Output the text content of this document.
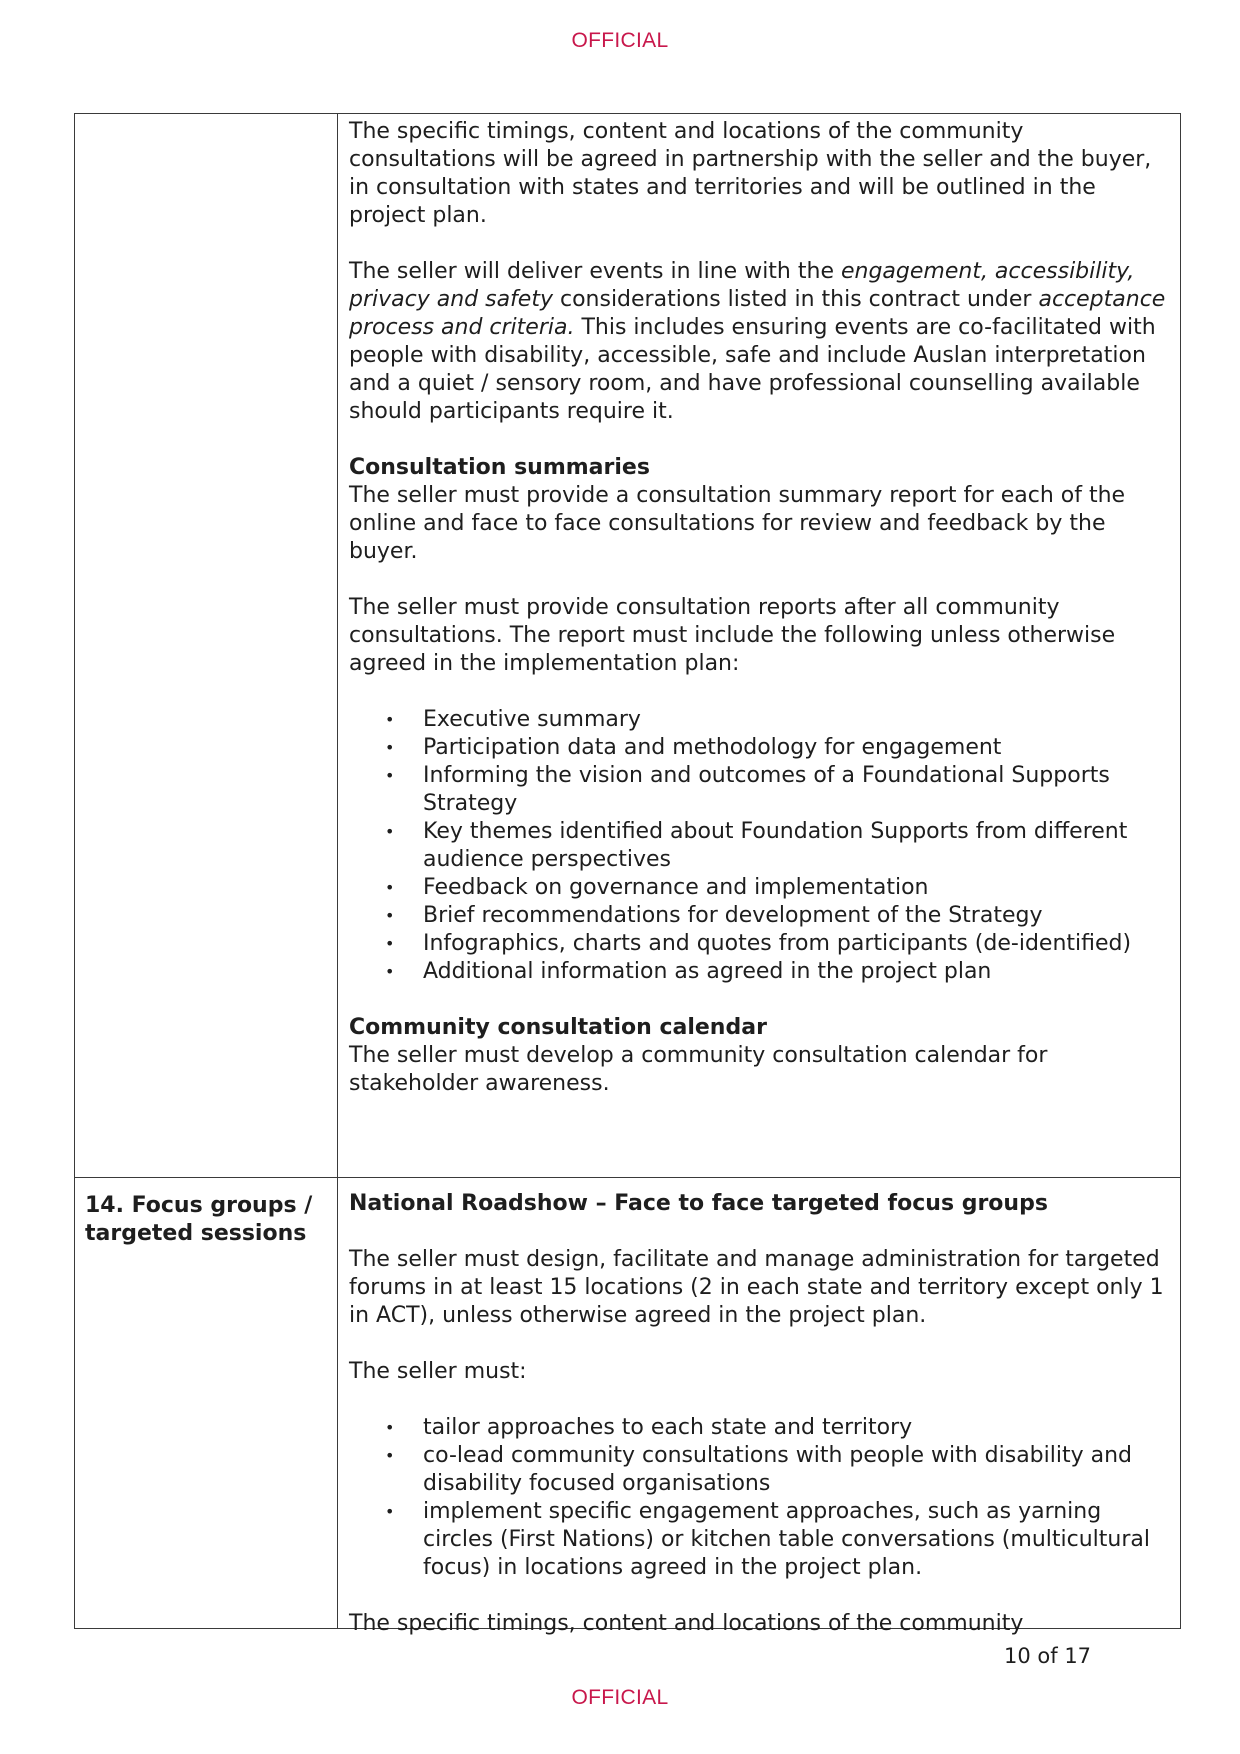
OFFICIAL

The specific timings, content and locations of the community consultations will be agreed in partnership with the seller and the buyer, in consultation with states and territories and will be outlined in the project plan.

The seller will deliver events in line with the engagement, accessibility, privacy and safety considerations listed in this contract under acceptance process and criteria. This includes ensuring events are co-facilitated with people with disability, accessible, safe and include Auslan interpretation and a quiet / sensory room, and have professional counselling available should participants require it.

Consultation summaries

The seller must provide a consultation summary report for each of the online and face to face consultations for review and feedback by the buyer.

The seller must provide consultation reports after all community consultations. The report must include the following unless otherwise agreed in the implementation plan:

• Executive summary
• Participation data and methodology for engagement
• Informing the vision and outcomes of a Foundational Supports Strategy
• Key themes identified about Foundation Supports from different audience perspectives
• Feedback on governance and implementation
• Brief recommendations for development of the Strategy
• Infographics, charts and quotes from participants (de-identified)
• Additional information as agreed in the project plan
Community consultation calendar

The seller must develop a community consultation calendar for stakeholder awareness.

14. Focus groups / targeted sessions
National Roadshow – Face to face targeted focus groups

The seller must design, facilitate and manage administration for targeted forums in at least 15 locations (2 in each state and territory except only 1 in ACT), unless otherwise agreed in the project plan.

The seller must:

• tailor approaches to each state and territory
• co-lead community consultations with people with disability and disability focused organisations
• implement specific engagement approaches, such as yarning circles (First Nations) or kitchen table conversations (multicultural focus) in locations agreed in the project plan.

The specific timings, content and locations of the community

10 of 17
OFFICIAL
